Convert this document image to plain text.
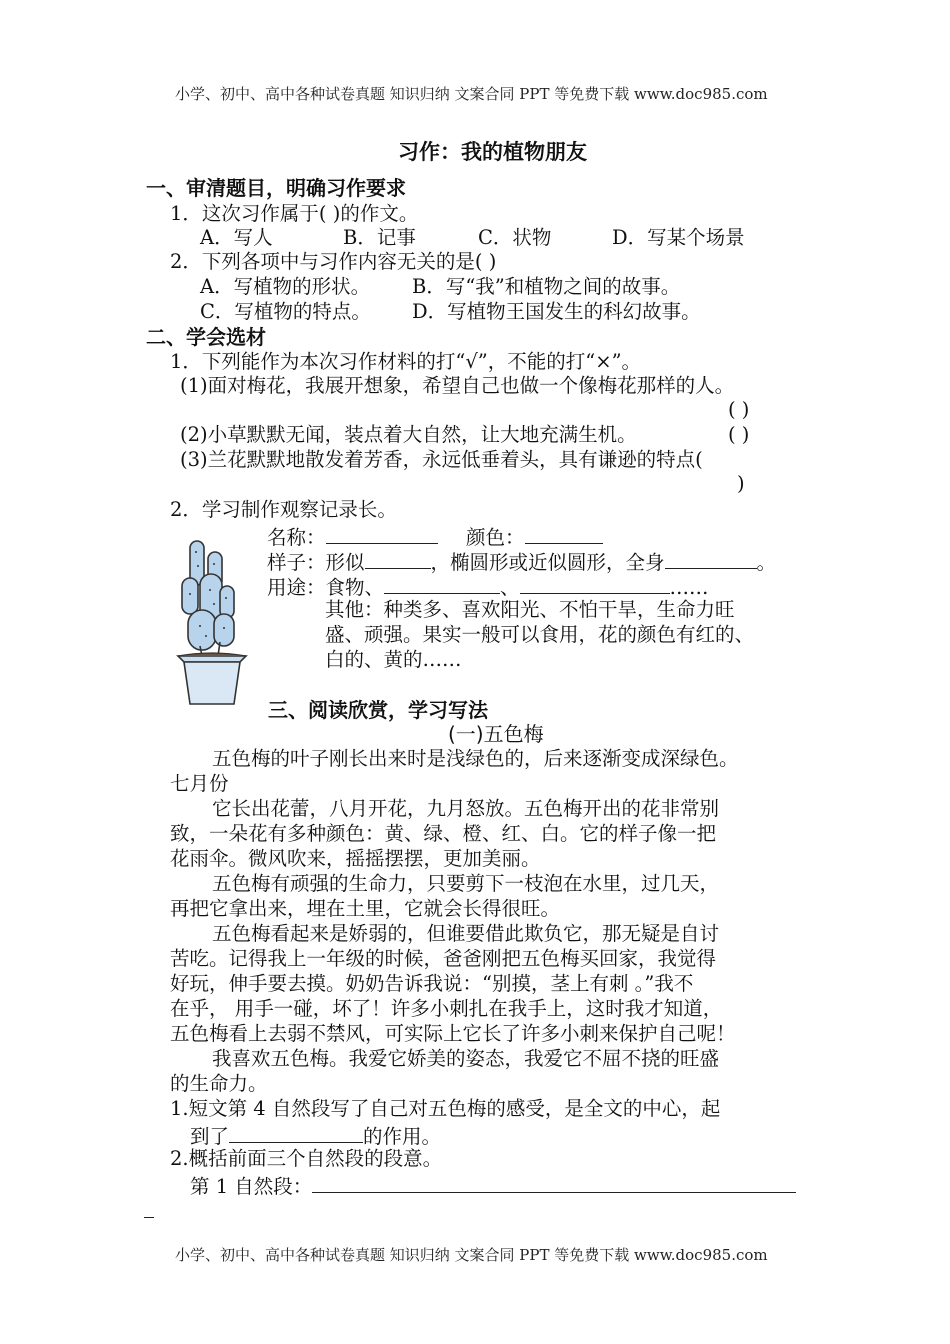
小学、初中、高中各种试卷真题 知识归纳 文案合同 PPT 等免费下载 www.doc985.com
小学、初中、高中各种试卷真题 知识归纳 文案合同 PPT 等免费下载 www.doc985.com
习作：我的植物朋友
一、审清题目，明确习作要求
1．这次习作属于( )的作文。
A．写人	B．记事	C．状物	D．写某个场景
2．下列各项中与习作内容无关的是( )
A．写植物的形状。 B．写“我”和植物之间的故事。
C．写植物的特点。 D．写植物王国发生的科幻故事。
二、学会选材
1．下列能作为本次习作材料的打“√”，不能的打“×”。
(1)面对梅花，我展开想象，希望自己也做一个像梅花那样的人。
( )
(2)小草默默无闻，装点着大自然，让大地充满生机。	( )
(3)兰花默默地散发着芳香，永远低垂着头，具有谦逊的特点(
)
2．学习制作观察记录长。
名称：	颜色：
样子：形似	，椭圆形或近似圆形，全身	。
用途：食物、	、	……
其他：种类多、喜欢阳光、不怕干旱，生命力旺
盛、顽强。果实一般可以食用，花的颜色有红的、
白的、黄的……
三、阅读欣赏，学习写法
(一)五色梅
五色梅的叶子刚长出来时是浅绿色的，后来逐渐变成深绿色。
七月份
它长出花蕾，八月开花，九月怒放。五色梅开出的花非常别
致，一朵花有多种颜色：黄、绿、橙、红、白。它的样子像一把
花雨伞。微风吹来，摇摇摆摆，更加美丽。
五色梅有顽强的生命力，只要剪下一枝泡在水里，过几天，
再把它拿出来，埋在土里，它就会长得很旺。
五色梅看起来是娇弱的，但谁要借此欺负它，那无疑是自讨
苦吃。记得我上一年级的时候，爸爸刚把五色梅买回家，我觉得
好玩，伸手要去摸。奶奶告诉我说：“别摸，茎上有刺 。”我不
在乎， 用手一碰，坏了！许多小刺扎在我手上，这时我才知道，
五色梅看上去弱不禁风，可实际上它长了许多小刺来保护自己呢！
我喜欢五色梅。我爱它娇美的姿态，我爱它不屈不挠的旺盛
的生命力。
1.短文第 4 自然段写了自己对五色梅的感受，是全文的中心，起
到了	的作用。
2.概括前面三个自然段的段意。
第 1 自然段：
